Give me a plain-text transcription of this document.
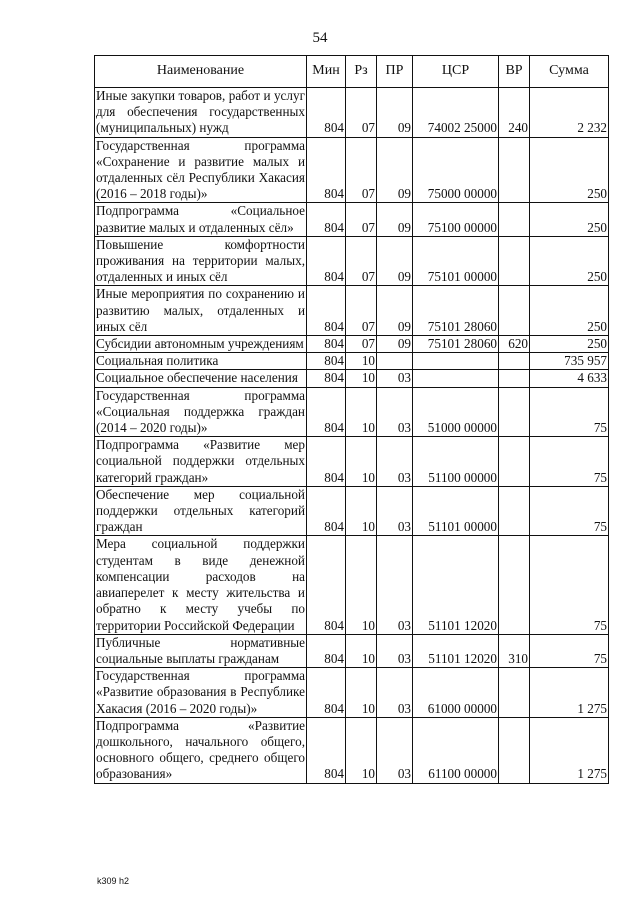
54
Наименование	Мин	Рз	ПР	ЦСР	ВР	Сумма
Иные закупки товаров, работ и услуг для обеспечения государственных (муниципальных) нужд	804	07	09	74002 25000	240	2 232
Государственная программа «Сохранение и развитие малых и отдаленных сёл Республики Хакасия (2016 – 2018 годы)»	804	07	09	75000 00000		250
Подпрограмма «Социальное развитие малых и отдаленных сёл»	804	07	09	75100 00000		250
Повышение комфортности проживания на территории малых, отдаленных и иных сёл	804	07	09	75101 00000		250
Иные мероприятия по сохранению и развитию малых, отдаленных и иных сёл	804	07	09	75101 28060		250
Субсидии автономным учреждениям	804	07	09	75101 28060	620	250
Социальная политика	804	10				735 957
Социальное обеспечение населения	804	10	03			4 633
Государственная программа «Социальная поддержка граждан (2014 – 2020 годы)»	804	10	03	51000 00000		75
Подпрограмма «Развитие мер социальной поддержки отдельных категорий граждан»	804	10	03	51100 00000		75
Обеспечение мер социальной поддержки отдельных категорий граждан	804	10	03	51101 00000		75
Мера социальной поддержки студентам в виде денежной компенсации расходов на авиаперелет к месту жительства и обратно к месту учебы по территории Российской Федерации	804	10	03	51101 12020		75
Публичные нормативные социальные выплаты гражданам	804	10	03	51101 12020	310	75
Государственная программа «Развитие образования в Республике Хакасия (2016 – 2020 годы)»	804	10	03	61000 00000		1 275
Подпрограмма «Развитие дошкольного, начального общего, основного общего, среднего общего образования»	804	10	03	61100 00000		1 275
k309 h2
